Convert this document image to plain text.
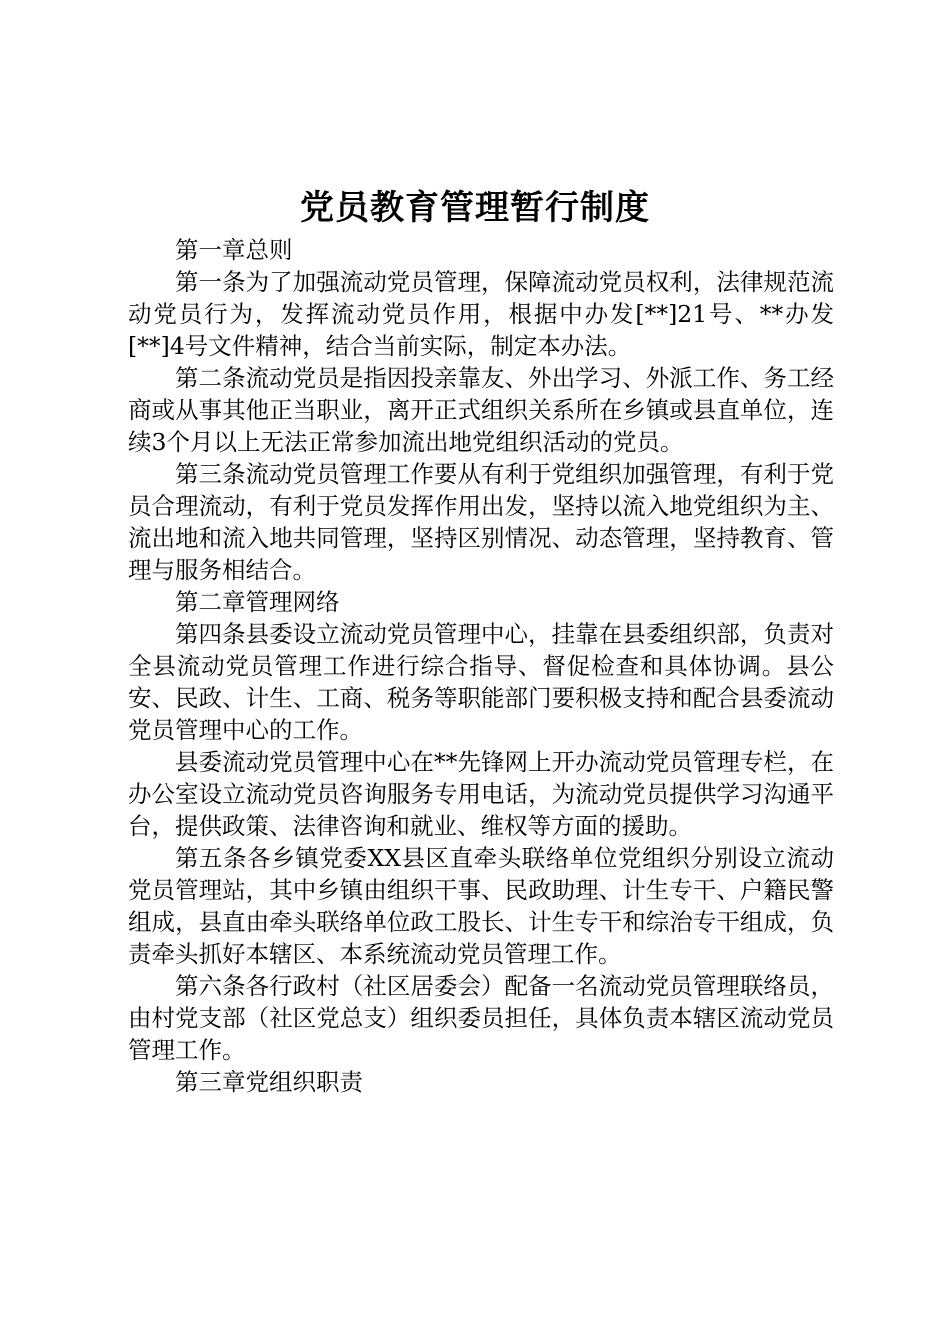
党员教育管理暂行制度

第一章总则

第一条为了加强流动党员管理，保障流动党员权利，法律规范流动党员行为，发挥流动党员作用，根据中办发[**]21号、**办发[**]4号文件精神，结合当前实际，制定本办法。

第二条流动党员是指因投亲靠友、外出学习、外派工作、务工经商或从事其他正当职业，离开正式组织关系所在乡镇或县直单位，连续3个月以上无法正常参加流出地党组织活动的党员。

第三条流动党员管理工作要从有利于党组织加强管理，有利于党员合理流动，有利于党员发挥作用出发，坚持以流入地党组织为主、流出地和流入地共同管理，坚持区别情况、动态管理，坚持教育、管理与服务相结合。

第二章管理网络

第四条县委设立流动党员管理中心，挂靠在县委组织部，负责对全县流动党员管理工作进行综合指导、督促检查和具体协调。县公安、民政、计生、工商、税务等职能部门要积极支持和配合县委流动党员管理中心的工作。

县委流动党员管理中心在**先锋网上开办流动党员管理专栏，在办公室设立流动党员咨询服务专用电话，为流动党员提供学习沟通平台，提供政策、法律咨询和就业、维权等方面的援助。

第五条各乡镇党委XX县区直牵头联络单位党组织分别设立流动党员管理站，其中乡镇由组织干事、民政助理、计生专干、户籍民警组成，县直由牵头联络单位政工股长、计生专干和综治专干组成，负责牵头抓好本辖区、本系统流动党员管理工作。

第六条各行政村（社区居委会）配备一名流动党员管理联络员，由村党支部（社区党总支）组织委员担任，具体负责本辖区流动党员管理工作。

第三章党组织职责
